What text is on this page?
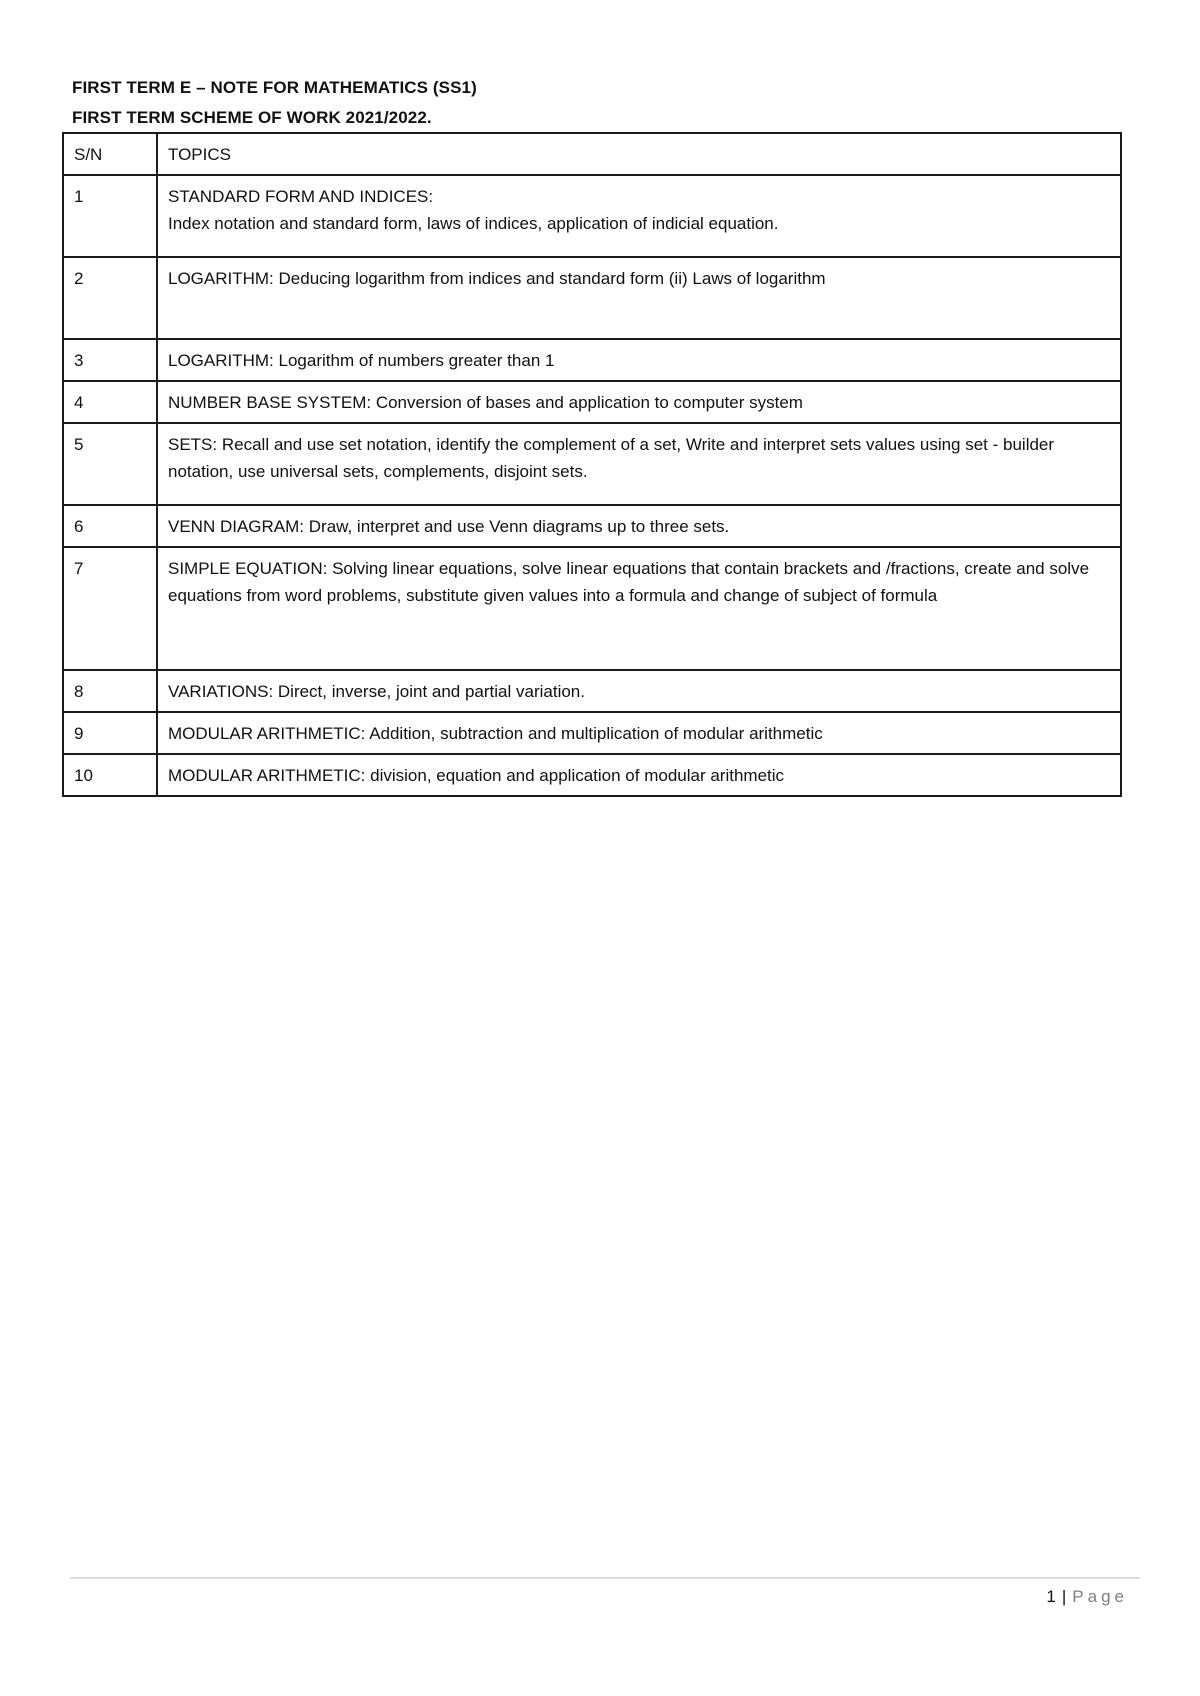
FIRST TERM E – NOTE FOR MATHEMATICS (SS1)
FIRST TERM SCHEME OF WORK 2021/2022.
S/N	TOPICS
1	STANDARD FORM AND INDICES:
Index notation and standard form, laws of indices, application of indicial equation.

2	LOGARITHM: Deducing logarithm from indices and standard form (ii) Laws of logarithm
3	LOGARITHM: Logarithm of numbers greater than 1
4	NUMBER BASE SYSTEM: Conversion of bases and application to computer system
5	SETS: Recall and use set notation, identify the complement of a set, Write and interpret sets values using set - builder notation, use universal sets, complements, disjoint sets.
6	VENN DIAGRAM: Draw, interpret and use Venn diagrams up to three sets.
7	SIMPLE EQUATION: Solving linear equations, solve linear equations that contain brackets and /fractions, create and solve equations from word problems, substitute given values into a formula and change of subject of formula
8	VARIATIONS: Direct, inverse, joint and partial variation.
9	MODULAR ARITHMETIC: Addition, subtraction and multiplication of modular arithmetic
10	MODULAR ARITHMETIC: division, equation and application of modular arithmetic
1 | Page
